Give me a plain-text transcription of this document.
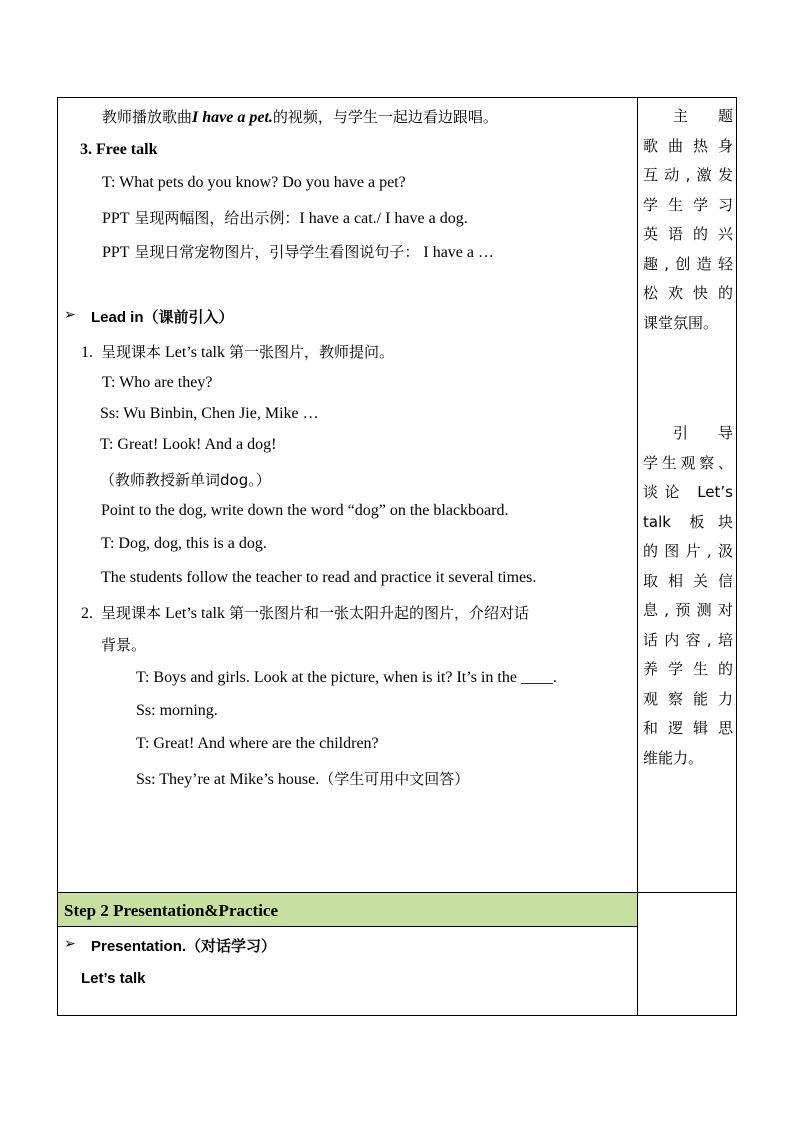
Step 2 Presentation&Practice
主 题
歌曲热身
互动,激发
学生学习
英语的兴
趣,创造轻
松欢快的
课堂氛围。
引 导
学生观察、
谈论 Let’s
talk 板块
的图片,汲
取相关信
息,预测对
话内容,培
养学生的
观察能力
和逻辑思
维能力。
教师播放歌曲I have a pet.的视频，与学生一起边看边跟唱。
3. Free talk
T: What pets do you know? Do you have a pet?
PPT 呈现两幅图，给出示例：I have a cat./ I have a dog.
PPT 呈现日常宠物图片，引导学生看图说句子： I have a …
➢ Lead in（课前引入）
1. 呈现课本 Let’s talk 第一张图片，教师提问。
T: Who are they?
Ss: Wu Binbin, Chen Jie, Mike …
T: Great! Look! And a dog!
（教师教授新单词dog。）
Point to the dog, write down the word “dog” on the blackboard.
T: Dog, dog, this is a dog.
The students follow the teacher to read and practice it several times.
2. 呈现课本 Let’s talk 第一张图片和一张太阳升起的图片，介绍对话
背景。
T: Boys and girls. Look at the picture, when is it? It’s in the ____.
Ss: morning.
T: Great! And where are the children?
Ss: They’re at Mike’s house.（学生可用中文回答）
➢ Presentation.（对话学习）
Let’s talk
